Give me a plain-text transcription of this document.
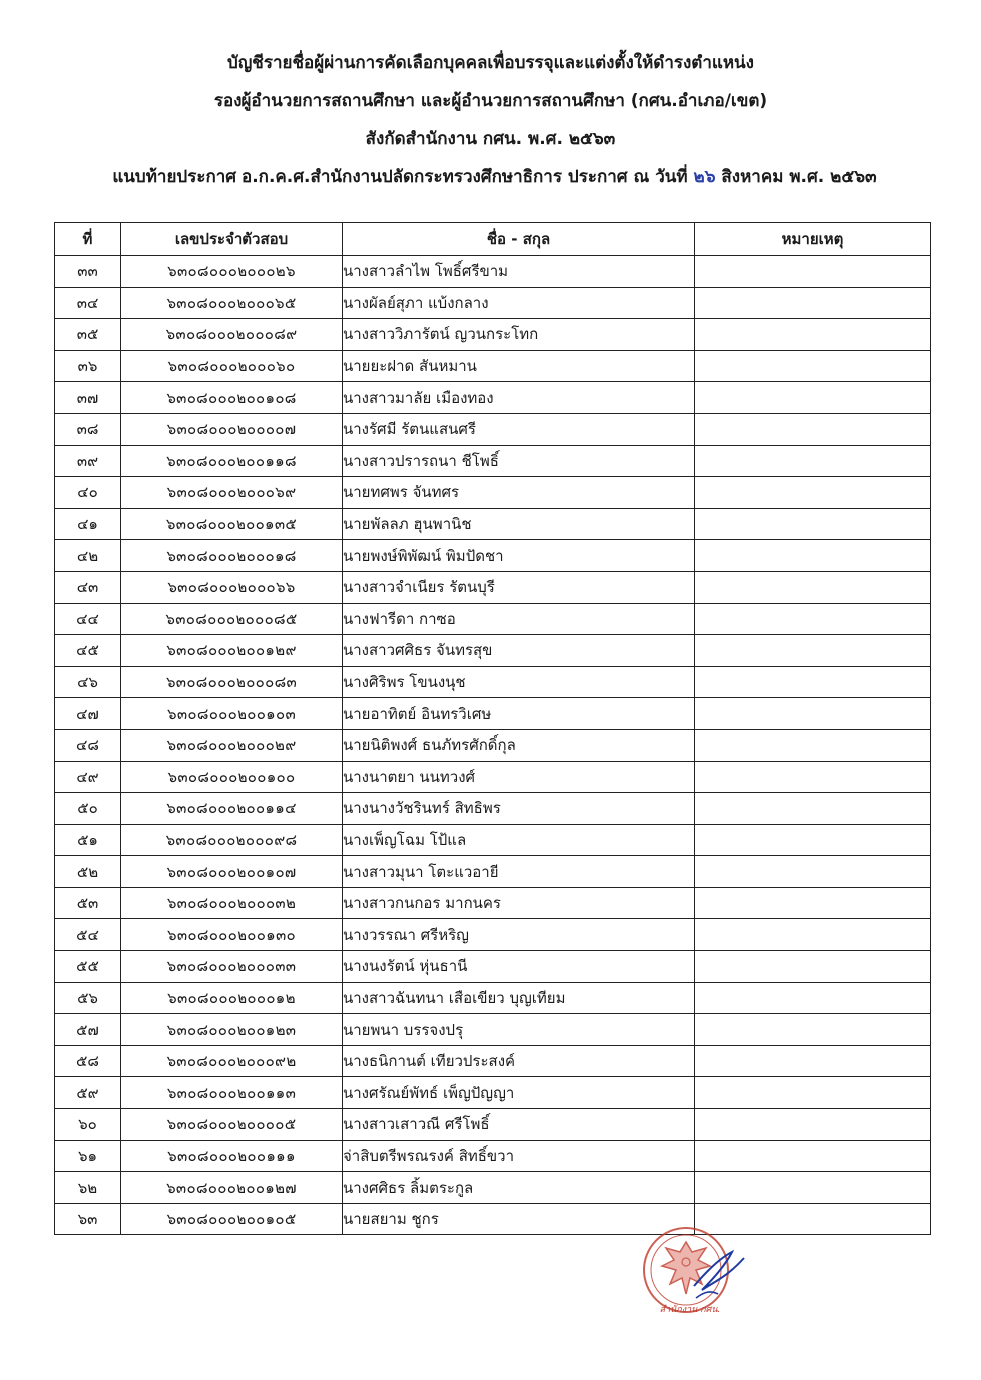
บัญชีรายชื่อผู้ผ่านการคัดเลือกบุคคลเพื่อบรรจุและแต่งตั้งให้ดำรงตำแหน่ง
รองผู้อำนวยการสถานศึกษา และผู้อำนวยการสถานศึกษา (กศน.อำเภอ/เขต)
สังกัดสำนักงาน กศน. พ.ศ. ๒๕๖๓
แนบท้ายประกาศ อ.ก.ค.ศ.สำนักงานปลัดกระทรวงศึกษาธิการ ประกาศ ณ วันที่ ๒๖ สิงหาคม พ.ศ. ๒๕๖๓
ที่	เลขประจำตัวสอบ	ชื่อ - สกุล	หมายเหตุ
๓๓	๖๓๐๘๐๐๐๒๐๐๐๒๖	นางสาวลำไพ โพธิ์ศรีขาม	
๓๔	๖๓๐๘๐๐๐๒๐๐๐๖๕	นางผัลย์สุภา แบ้งกลาง	
๓๕	๖๓๐๘๐๐๐๒๐๐๐๘๙	นางสาววิภารัตน์ ญวนกระโทก	
๓๖	๖๓๐๘๐๐๐๒๐๐๐๖๐	นายยะฝาด สันหมาน	
๓๗	๖๓๐๘๐๐๐๒๐๐๑๐๘	นางสาวมาลัย เมืองทอง	
๓๘	๖๓๐๘๐๐๐๒๐๐๐๐๗	นางรัศมี รัตนแสนศรี	
๓๙	๖๓๐๘๐๐๐๒๐๐๑๑๘	นางสาวปรารถนา ชีโพธิ์	
๔๐	๖๓๐๘๐๐๐๒๐๐๐๖๙	นายทศพร จันทศร	
๔๑	๖๓๐๘๐๐๐๒๐๐๑๓๕	นายพัลลภ ฮุนพานิช	
๔๒	๖๓๐๘๐๐๐๒๐๐๐๑๘	นายพงษ์พิพัฒน์ พิมปัดชา	
๔๓	๖๓๐๘๐๐๐๒๐๐๐๖๖	นางสาวจำเนียร รัตนบุรี	
๔๔	๖๓๐๘๐๐๐๒๐๐๐๘๕	นางฟารีดา กาซอ	
๔๕	๖๓๐๘๐๐๐๒๐๐๑๒๙	นางสาวศศิธร จันทรสุข	
๔๖	๖๓๐๘๐๐๐๒๐๐๐๘๓	นางศิริพร โขนงนุช	
๔๗	๖๓๐๘๐๐๐๒๐๐๑๐๓	นายอาทิตย์ อินทรวิเศษ	
๔๘	๖๓๐๘๐๐๐๒๐๐๐๒๙	นายนิติพงศ์ ธนภัทรศักดิ์กุล	
๔๙	๖๓๐๘๐๐๐๒๐๐๑๐๐	นางนาตยา นนทวงศ์	
๕๐	๖๓๐๘๐๐๐๒๐๐๑๑๔	นางนางวัชรินทร์ สิทธิพร	
๕๑	๖๓๐๘๐๐๐๒๐๐๐๙๘	นางเพ็ญโฉม โป้แล	
๕๒	๖๓๐๘๐๐๐๒๐๐๑๐๗	นางสาวมุนา โตะแวอายี	
๕๓	๖๓๐๘๐๐๐๒๐๐๐๓๒	นางสาวกนกอร มากนคร	
๕๔	๖๓๐๘๐๐๐๒๐๐๑๓๐	นางวรรณา ศรีหริญ	
๕๕	๖๓๐๘๐๐๐๒๐๐๐๓๓	นางนงรัตน์ หุ่นธานี	
๕๖	๖๓๐๘๐๐๐๒๐๐๐๑๒	นางสาวฉันทนา เสือเขียว บุญเทียม	
๕๗	๖๓๐๘๐๐๐๒๐๐๑๒๓	นายพนา บรรจงปรุ	
๕๘	๖๓๐๘๐๐๐๒๐๐๐๙๒	นางธนิกานต์ เทียวประสงค์	
๕๙	๖๓๐๘๐๐๐๒๐๐๑๑๓	นางศรัณย์พัทธ์ เพ็ญปัญญา	
๖๐	๖๓๐๘๐๐๐๒๐๐๐๐๕	นางสาวเสาวณี ศรีโพธิ์	
๖๑	๖๓๐๘๐๐๐๒๐๐๑๑๑	จ่าสิบตรีพรณรงค์ สิทธิ์ขวา	
๖๒	๖๓๐๘๐๐๐๒๐๐๑๒๗	นางศศิธร ลิ้มตระกูล	
๖๓	๖๓๐๘๐๐๐๒๐๐๑๐๕	นายสยาม ชูกร	
สำนักงาน กศน.
